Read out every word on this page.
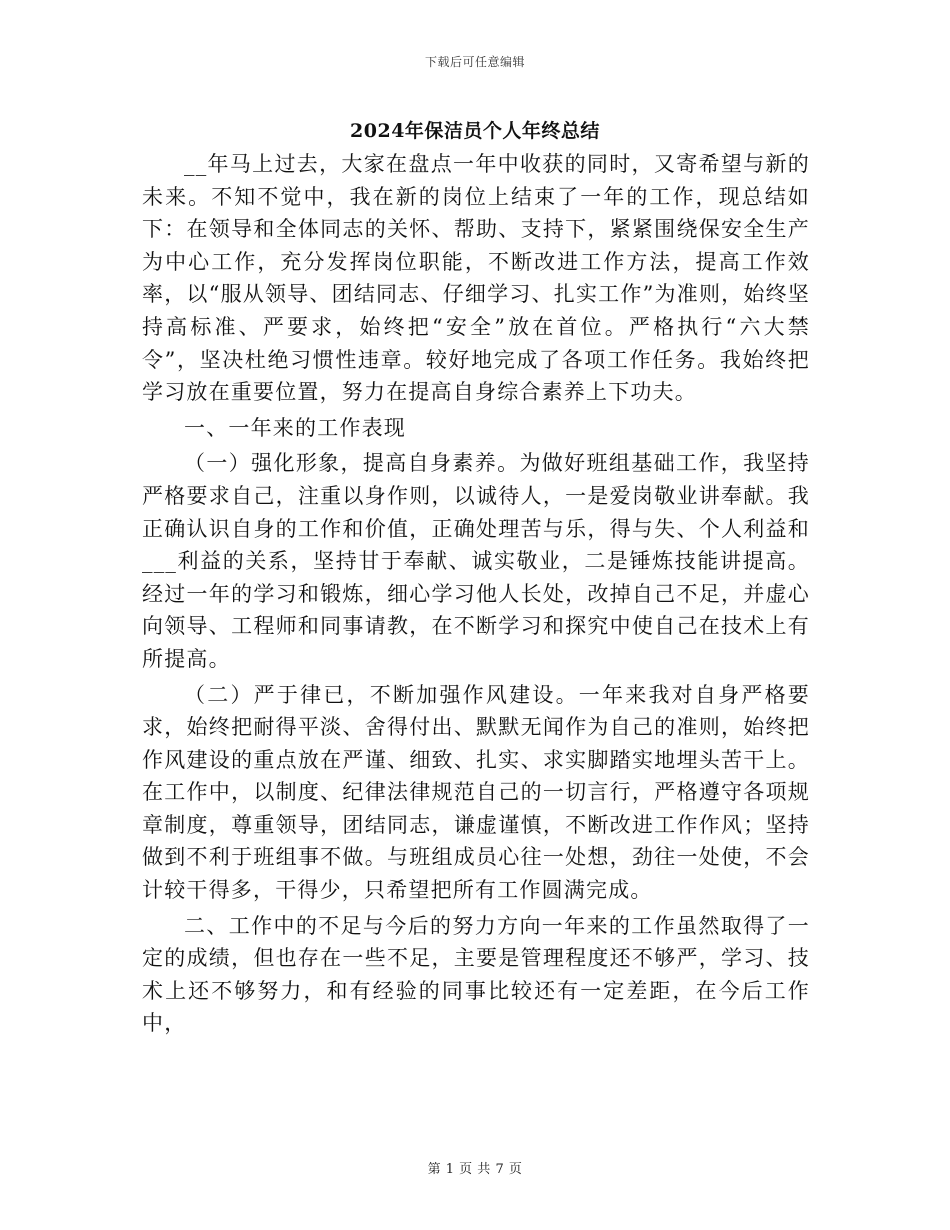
下载后可任意编辑
2024年保洁员个人年终总结

__年马上过去，大家在盘点一年中收获的同时，又寄希望与新的未来。不知不觉中，我在新的岗位上结束了一年的工作，现总结如下：在领导和全体同志的关怀、帮助、支持下，紧紧围绕保安全生产为中心工作，充分发挥岗位职能，不断改进工作方法，提高工作效率，以“服从领导、团结同志、仔细学习、扎实工作”为准则，始终坚持高标准、严要求，始终把“安全”放在首位。严格执行“六大禁令”，坚决杜绝习惯性违章。较好地完成了各项工作任务。我始终把学习放在重要位置，努力在提高自身综合素养上下功夫。

一、一年来的工作表现

（一）强化形象，提高自身素养。为做好班组基础工作，我坚持严格要求自己，注重以身作则，以诚待人，一是爱岗敬业讲奉献。我正确认识自身的工作和价值，正确处理苦与乐，得与失、个人利益和___利益的关系，坚持甘于奉献、诚实敬业，二是锤炼技能讲提高。经过一年的学习和锻炼，细心学习他人长处，改掉自己不足，并虚心向领导、工程师和同事请教，在不断学习和探究中使自己在技术上有所提高。

（二）严于律已，不断加强作风建设。一年来我对自身严格要求，始终把耐得平淡、舍得付出、默默无闻作为自己的准则，始终把作风建设的重点放在严谨、细致、扎实、求实脚踏实地埋头苦干上。在工作中，以制度、纪律法律规范自己的一切言行，严格遵守各项规章制度，尊重领导，团结同志，谦虚谨慎，不断改进工作作风；坚持做到不利于班组事不做。与班组成员心往一处想，劲往一处使，不会计较干得多，干得少，只希望把所有工作圆满完成。

二、工作中的不足与今后的努力方向一年来的工作虽然取得了一定的成绩，但也存在一些不足，主要是管理程度还不够严，学习、技术上还不够努力，和有经验的同事比较还有一定差距，在今后工作中，

第 1 页 共 7 页
